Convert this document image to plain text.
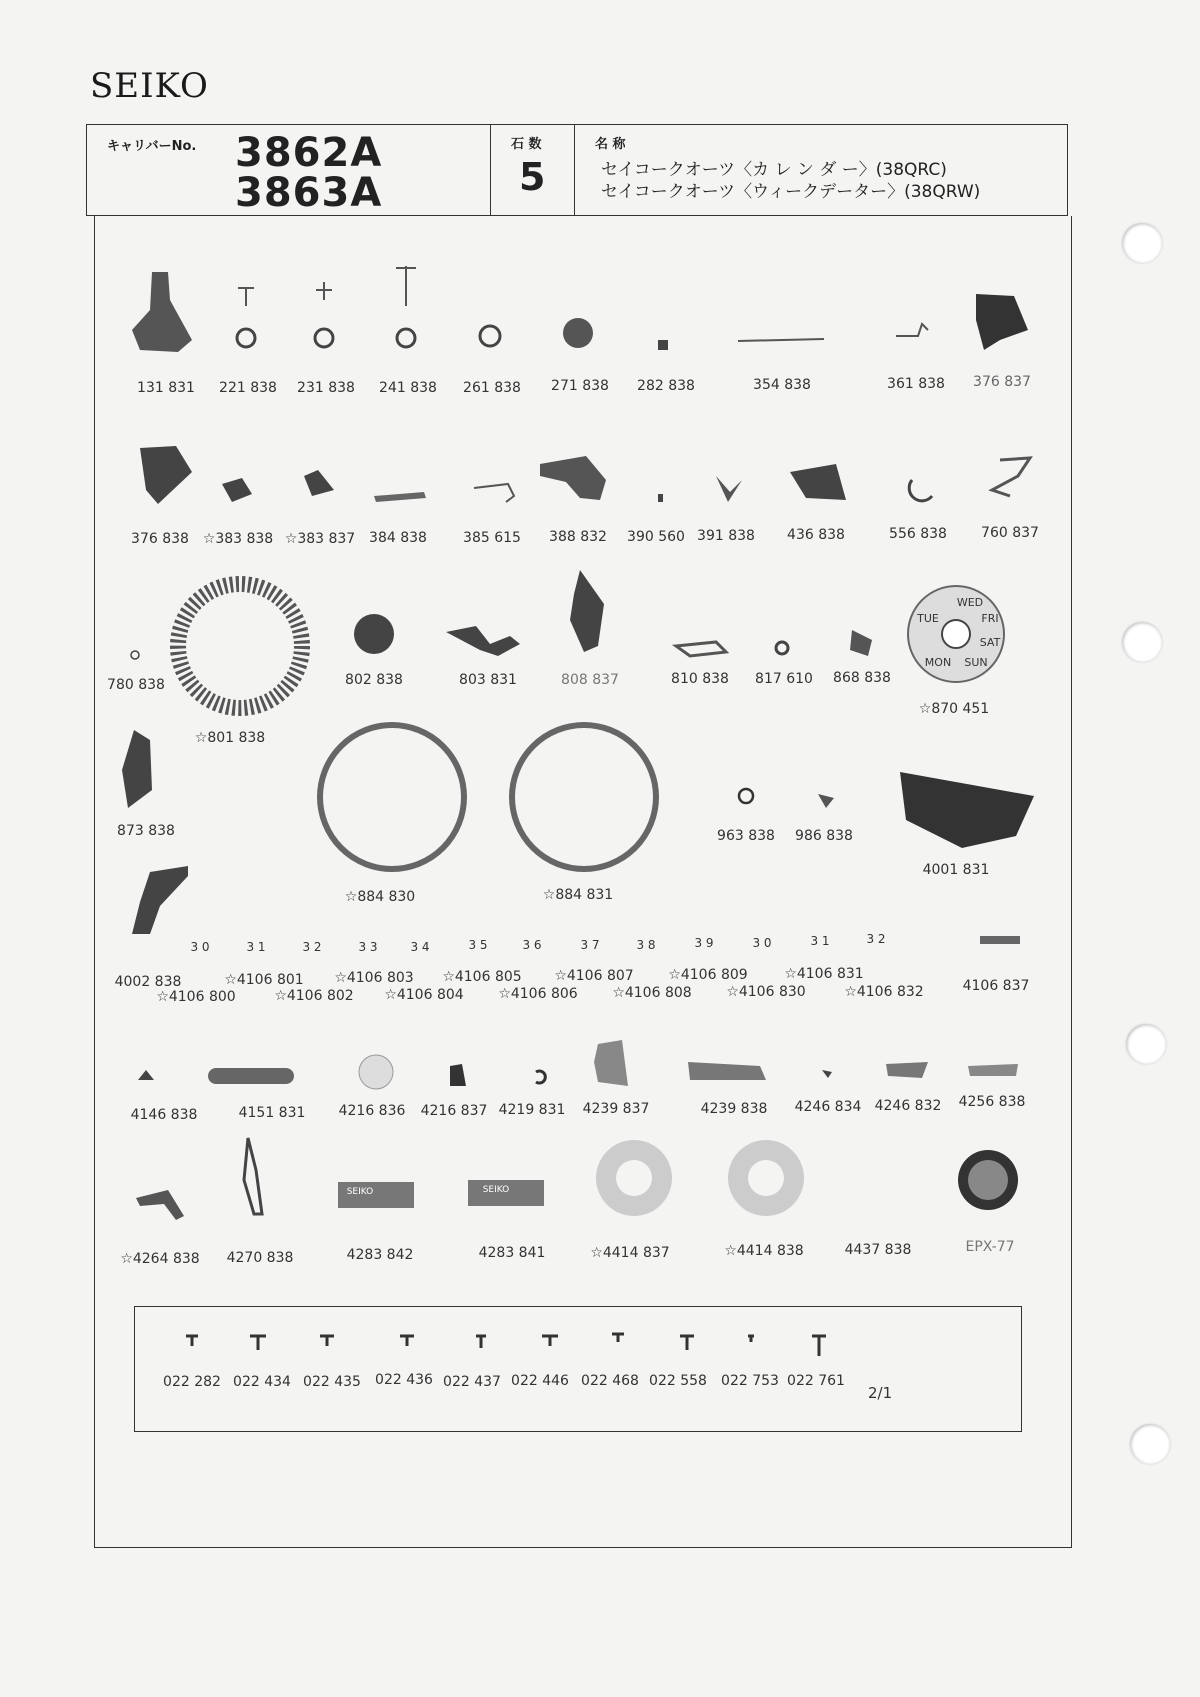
SEIKO
キャリバーNo. 3862A
3863A
石 数
5
名 称
セイコークオーツ〈カ レ ン ダ ー〉(38QRC)
セイコークオーツ〈ウィークデーター〉(38QRW)
WED
FRI
SAT
SUN
MON
TUE
SEIKO	SEIKO
3 0	3 1	3 2	3 3	3 4	3 5	3 6	3 7	3 8	3 9	3 0	3 1	3 2
131 831 221 838 231 838 241 838 261 838 271 838 282 838	354 838	361 838 376 837
376 838 ☆383 838 ☆383 837 384 838	385 615 388 832 390 560 391 838 436 838	556 838 760 837
780 838
☆801 838
802 838	803 831	808 837	810 838 817 610 868 838
☆870 451
873 838
☆884 830	☆884 831
963 838 986 838
4001 831
4002 838	☆4106 801 ☆4106 803 ☆4106 805 ☆4106 807 ☆4106 809	☆4106 831
4106 837
☆4106 800	☆4106 802 ☆4106 804 ☆4106 806 ☆4106 808 ☆4106 830	☆4106 832
4146 838	4151 831 4216 836 4216 837 4219 831 4239 837	4239 838 4246 834 4246 832 4256 838
☆4264 838 4270 838	4283 842	4283 841	☆4414 837	☆4414 838	4437 838	EPX-77
022 282 022 434 022 435 022 436 022 437 022 446 022 468 022 558 022 753 022 761
2/1
